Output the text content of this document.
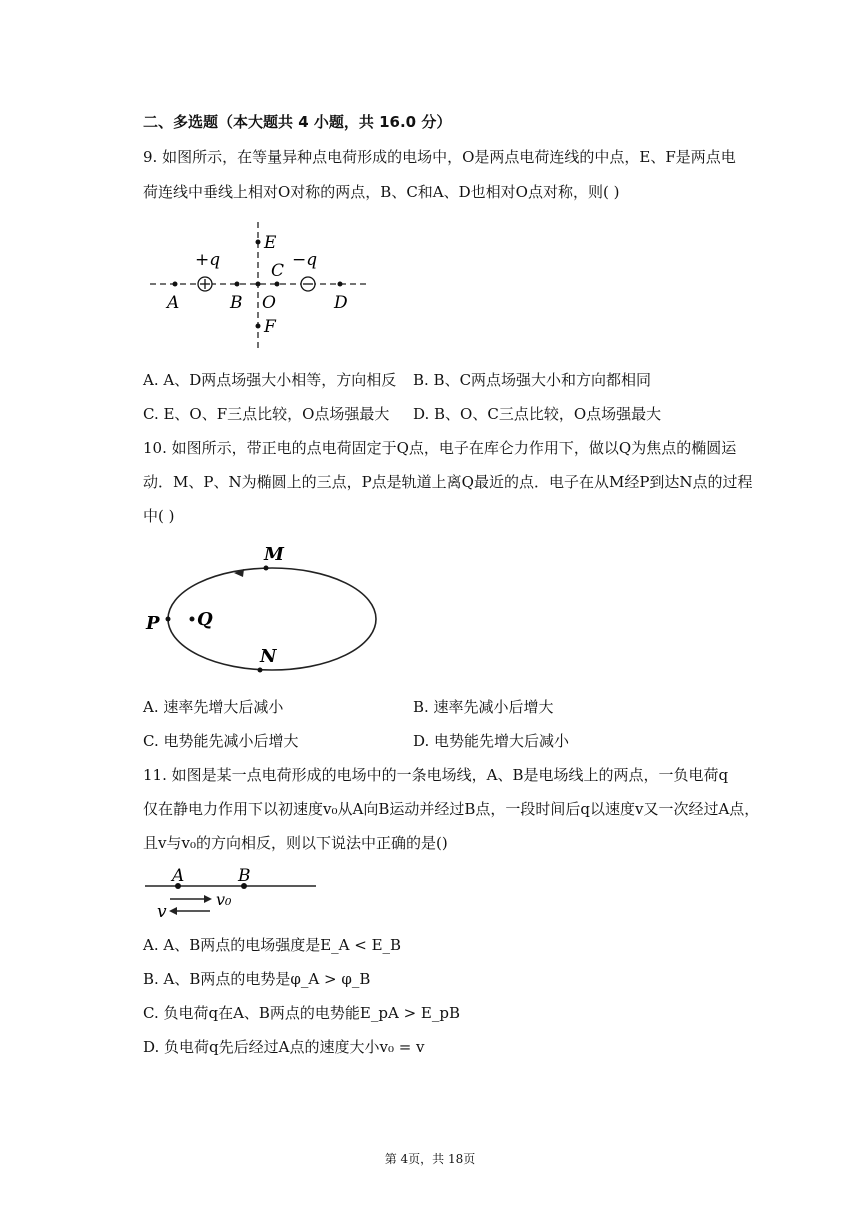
二、多选题（本大题共 4 小题，共 16.0 分）
9. 如图所示，在等量异种点电荷形成的电场中，O是两点电荷连线的中点，E、F是两点电
荷连线中垂线上相对O对称的两点，B、C和A、D也相对O点对称，则( )
E
+q
C
−q
A	B O	D
F
A. A、D两点场强大小相等，方向相反 B. B、C两点场强大小和方向都相同
C. E、O、F三点比较，O点场强最大 D. B、O、C三点比较，O点场强最大
10. 如图所示，带正电的点电荷固定于Q点，电子在库仑力作用下，做以Q为焦点的椭圆运
动．M、P、N为椭圆上的三点，P点是轨道上离Q最近的点．电子在从M经P到达N点的过程
中( )
M
P Q
N
A. 速率先增大后减小	B. 速率先减小后增大
C. 电势能先减小后增大	D. 电势能先增大后减小
11. 如图是某一点电荷形成的电场中的一条电场线，A、B是电场线上的两点，一负电荷q
仅在静电力作用下以初速度v₀从A向B运动并经过B点，一段时间后q以速度v又一次经过A点，
且v与v₀的方向相反，则以下说法中正确的是()
A	B
v₀
v
A. A、B两点的电场强度是E_A < E_B
B. A、B两点的电势是φ_A > φ_B
C. 负电荷q在A、B两点的电势能E_pA > E_pB
D. 负电荷q先后经过A点的速度大小v₀ = v
第 4页，共 18页
